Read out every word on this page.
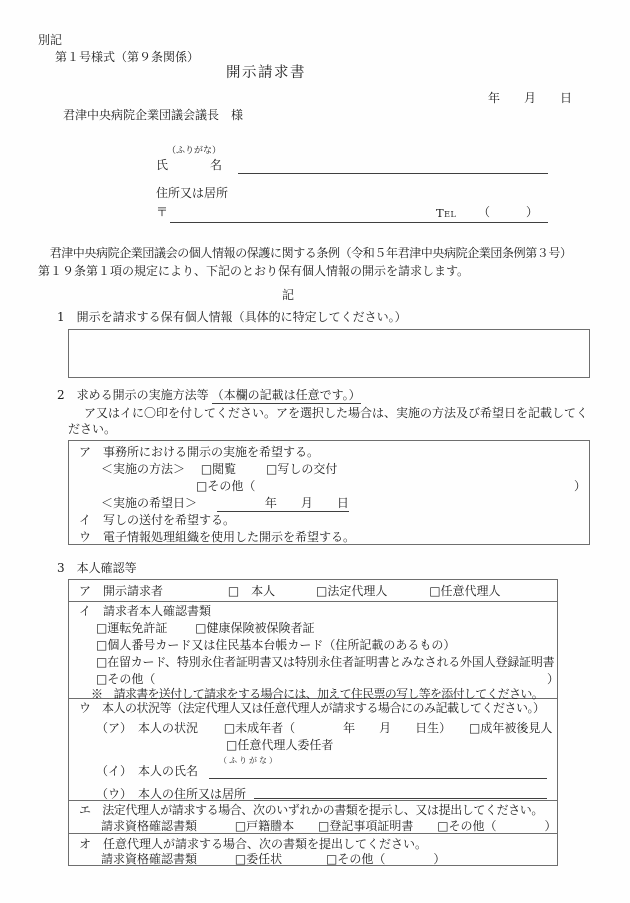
別記
第１号様式（第９条関係）
開示請求書
年　　月　　日
君津中央病院企業団議会議長　様
（ふりがな）
氏	名
住所又は居所
〒	Tel （　　　）
　君津中央病院企業団議会の個人情報の保護に関する条例（令和５年君津中央病院企業団条例第３号）
第１９条第１項の規定により、下記のとおり保有個人情報の開示を請求します。
記
1　開示を請求する保有個人情報（具体的に特定してください。）
2　求める開示の実施方法等 （本欄の記載は任意です。）
ア又はイに〇印を付してください。アを選択した場合は、実施の方法及び希望日を記載してく
ださい。
ア　事務所における開示の実施を希望する。
＜実施の方法＞ □閲覧 □写しの交付
□その他（	）
＜実施の希望日＞ 　　　　年　　月　　日
イ　写しの送付を希望する。
ウ　電子情報処理組織を使用した開示を希望する。
3　本人確認等
ア　開示請求者	□　本人	□法定代理人	□任意代理人
イ　請求者本人確認書類
□運転免許証 □健康保険被保険者証
□個人番号カード又は住民基本台帳カード（住所記載のあるもの）
□在留カード、特別永住者証明書又は特別永住者証明書とみなされる外国人登録証明書
□その他（	）
※　請求書を送付して請求をする場合には、加えて住民票の写し等を添付してください。
ウ　本人の状況等（法定代理人又は任意代理人が請求する場合にのみ記載してください。）
（ア）　本人の状況 □未成年者（　　　　年　　月　　日生） □成年被後見人
□任意代理人委任者
（ふりがな）
（イ）　本人の氏名
（ウ）　本人の住所又は居所
エ　法定代理人が請求する場合、次のいずれかの書類を提示し、又は提出してください。
請求資格確認書類	□戸籍謄本 □登記事項証明書 □その他（　　　　）
オ　任意代理人が請求する場合、次の書類を提出してください。
請求資格確認書類	□委任状	□その他（　　　　）
